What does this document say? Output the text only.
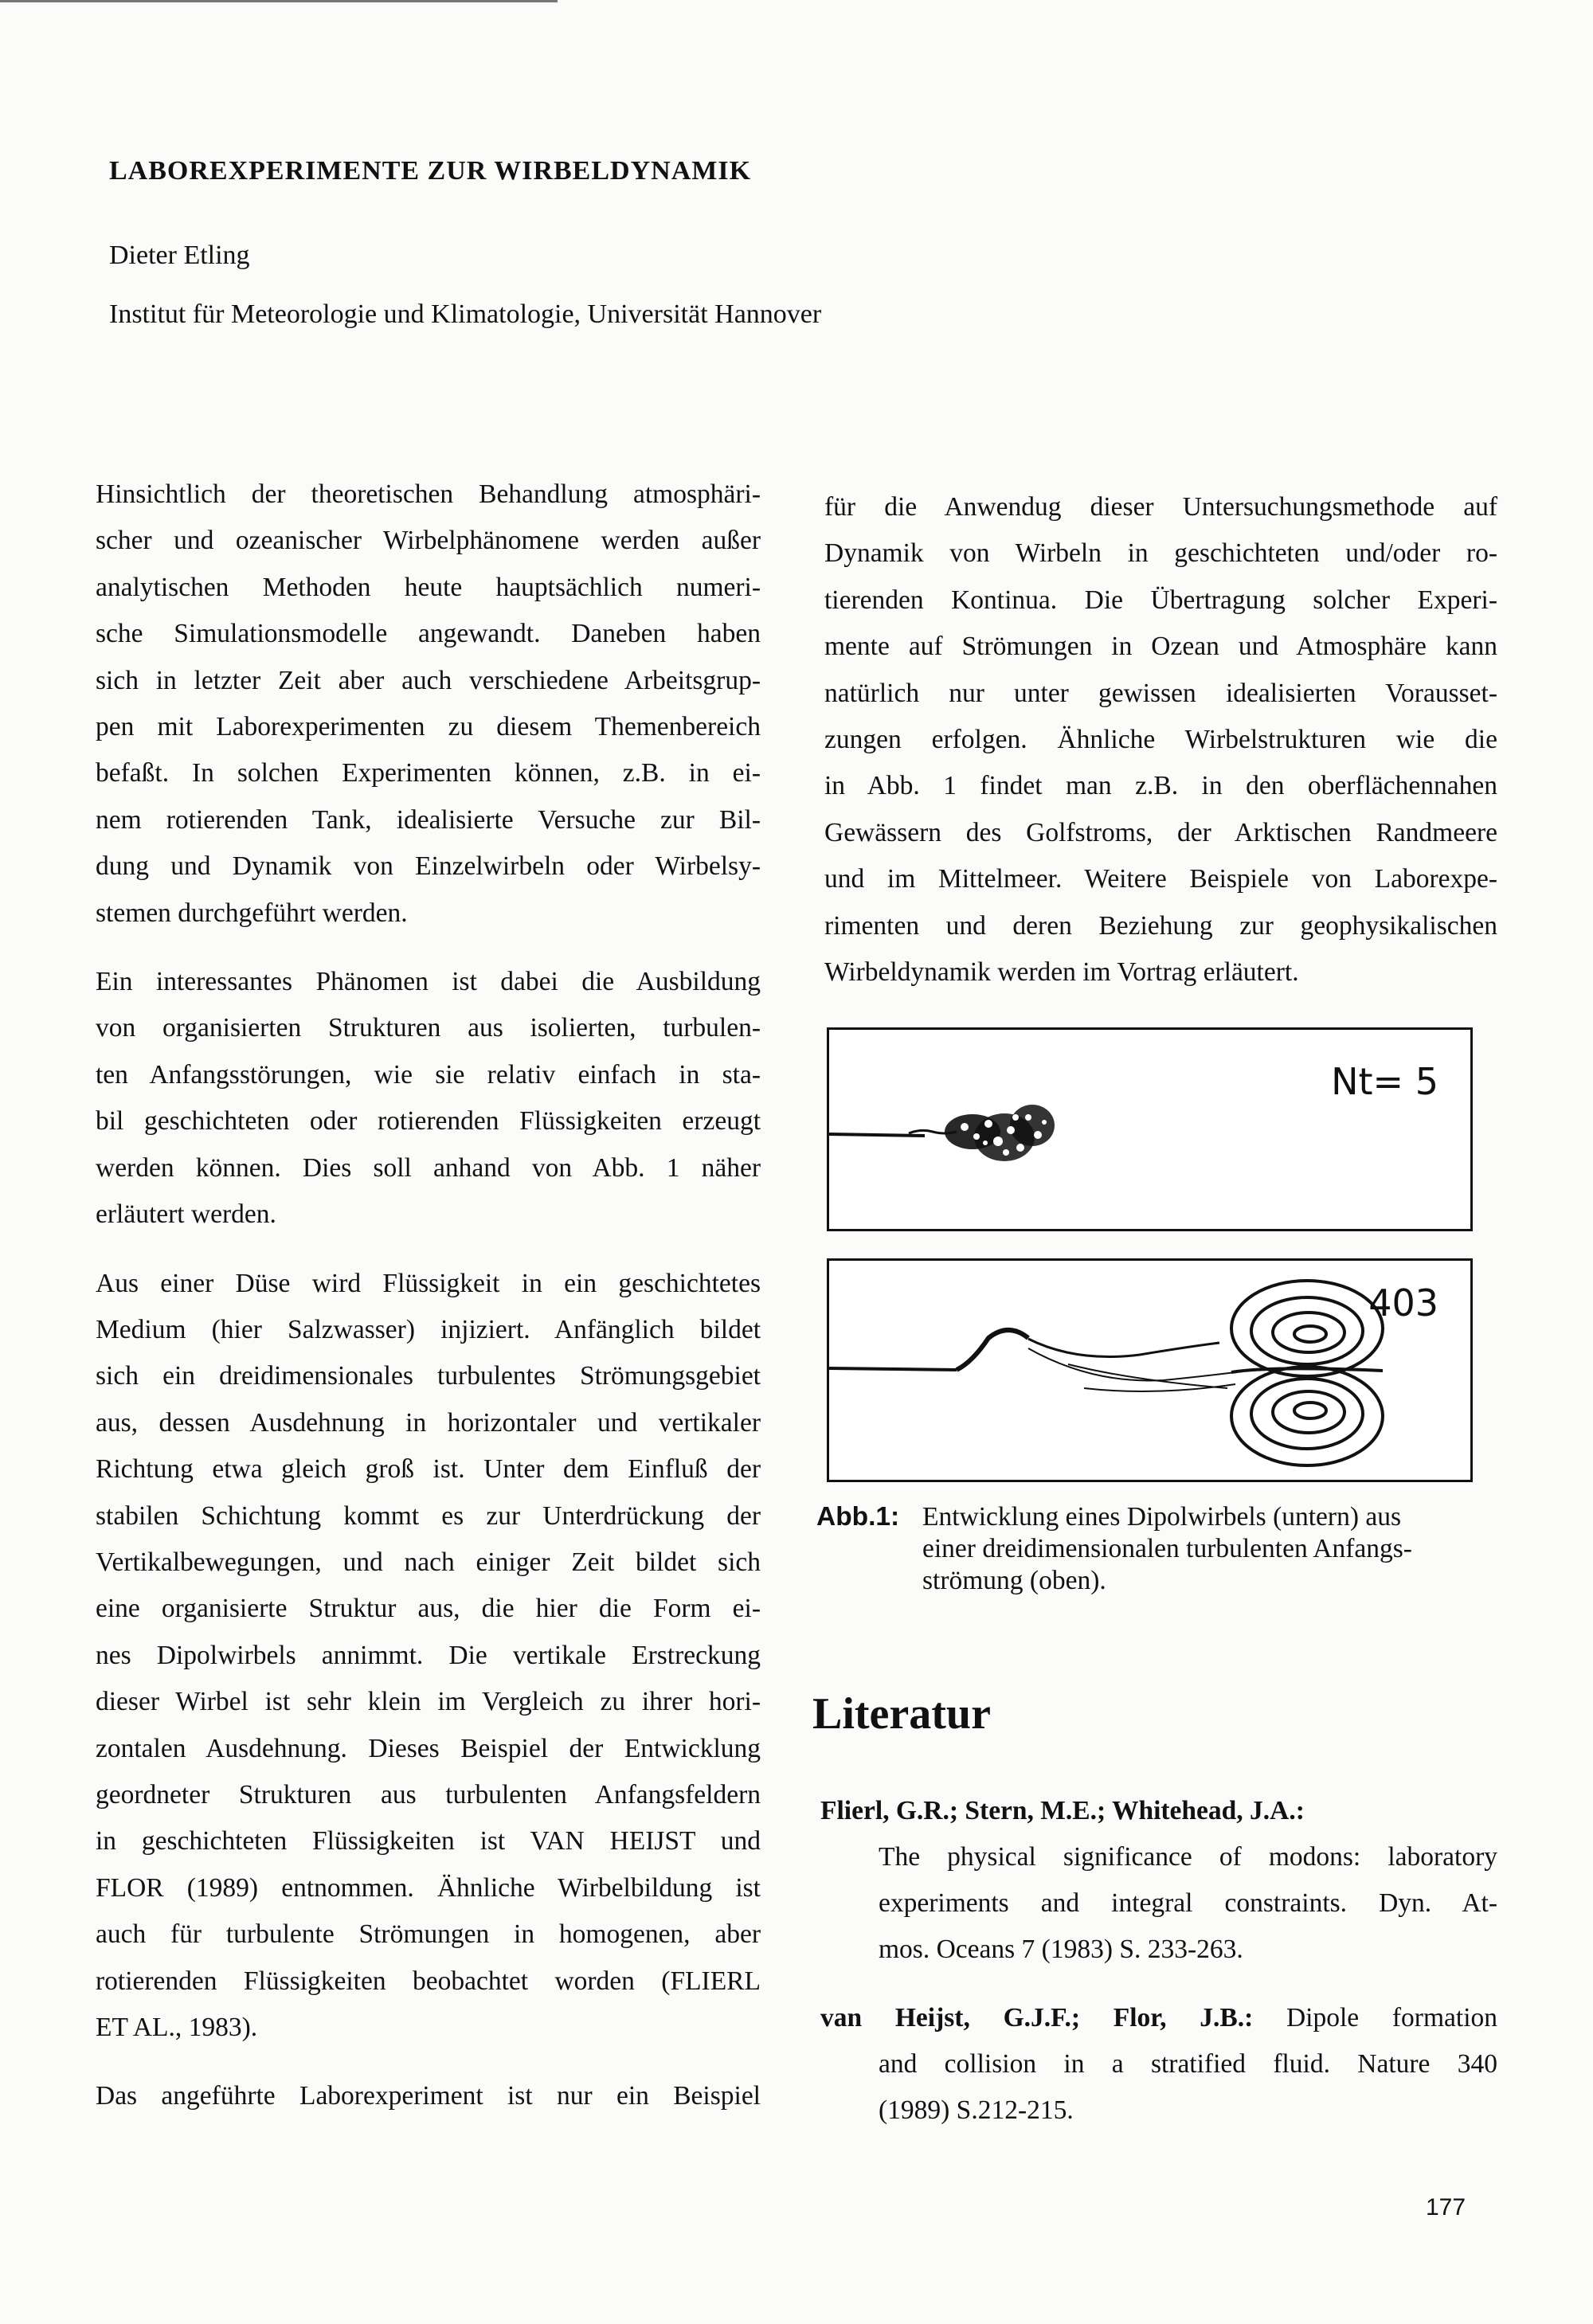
LABOREXPERIMENTE ZUR WIRBELDYNAMIK
Dieter Etling
Institut für Meteorologie und Klimatologie, Universität Hannover

Hinsichtlich der theoretischen Behandlung atmosphäri-
scher und ozeanischer Wirbelphänomene werden außer
analytischen Methoden heute hauptsächlich numeri-
sche Simulationsmodelle angewandt. Daneben haben
sich in letzter Zeit aber auch verschiedene Arbeitsgrup-
pen mit Laborexperimenten zu diesem Themenbereich
befaßt. In solchen Experimenten können, z.B. in ei-
nem rotierenden Tank, idealisierte Versuche zur Bil-
dung und Dynamik von Einzelwirbeln oder Wirbelsy-
stemen durchgeführt werden.

Ein interessantes Phänomen ist dabei die Ausbildung
von organisierten Strukturen aus isolierten, turbulen-
ten Anfangsstörungen, wie sie relativ einfach in sta-
bil geschichteten oder rotierenden Flüssigkeiten erzeugt
werden können. Dies soll anhand von Abb. 1 näher
erläutert werden.

Aus einer Düse wird Flüssigkeit in ein geschichtetes
Medium (hier Salzwasser) injiziert. Anfänglich bildet
sich ein dreidimensionales turbulentes Strömungsgebiet
aus, dessen Ausdehnung in horizontaler und vertikaler
Richtung etwa gleich groß ist. Unter dem Einfluß der
stabilen Schichtung kommt es zur Unterdrückung der
Vertikalbewegungen, und nach einiger Zeit bildet sich
eine organisierte Struktur aus, die hier die Form ei-
nes Dipolwirbels annimmt. Die vertikale Erstreckung
dieser Wirbel ist sehr klein im Vergleich zu ihrer hori-
zontalen Ausdehnung. Dieses Beispiel der Entwicklung
geordneter Strukturen aus turbulenten Anfangsfeldern
in geschichteten Flüssigkeiten ist VAN HEIJST und
FLOR (1989) entnommen. Ähnliche Wirbelbildung ist
auch für turbulente Strömungen in homogenen, aber
rotierenden Flüssigkeiten beobachtet worden (FLIERL
ET AL., 1983).

Das angeführte Laborexperiment ist nur ein Beispiel

für die Anwendug dieser Untersuchungsmethode auf
Dynamik von Wirbeln in geschichteten und/oder ro-
tierenden Kontinua. Die Übertragung solcher Experi-
mente auf Strömungen in Ozean und Atmosphäre kann
natürlich nur unter gewissen idealisierten Vorausset-
zungen erfolgen. Ähnliche Wirbelstrukturen wie die
in Abb. 1 findet man z.B. in den oberflächennahen
Gewässern des Golfstroms, der Arktischen Randmeere
und im Mittelmeer. Weitere Beispiele von Laborexpe-
rimenten und deren Beziehung zur geophysikalischen
Wirbeldynamik werden im Vortrag erläutert.

Nt= 5
403
Abb.1: Entwicklung eines Dipolwirbels (untern) aus
einer dreidimensionalen turbulenten Anfangs-
strömung (oben).
Literatur
Flierl, G.R.; Stern, M.E.; Whitehead, J.A.:
The physical significance of modons: laboratory
experiments and integral constraints. Dyn. At-
mos. Oceans 7 (1983) S. 233-263.
van Heijst, G.J.F.; Flor, J.B.: Dipole formation
and collision in a stratified fluid. Nature 340
(1989) S.212-215.
177
